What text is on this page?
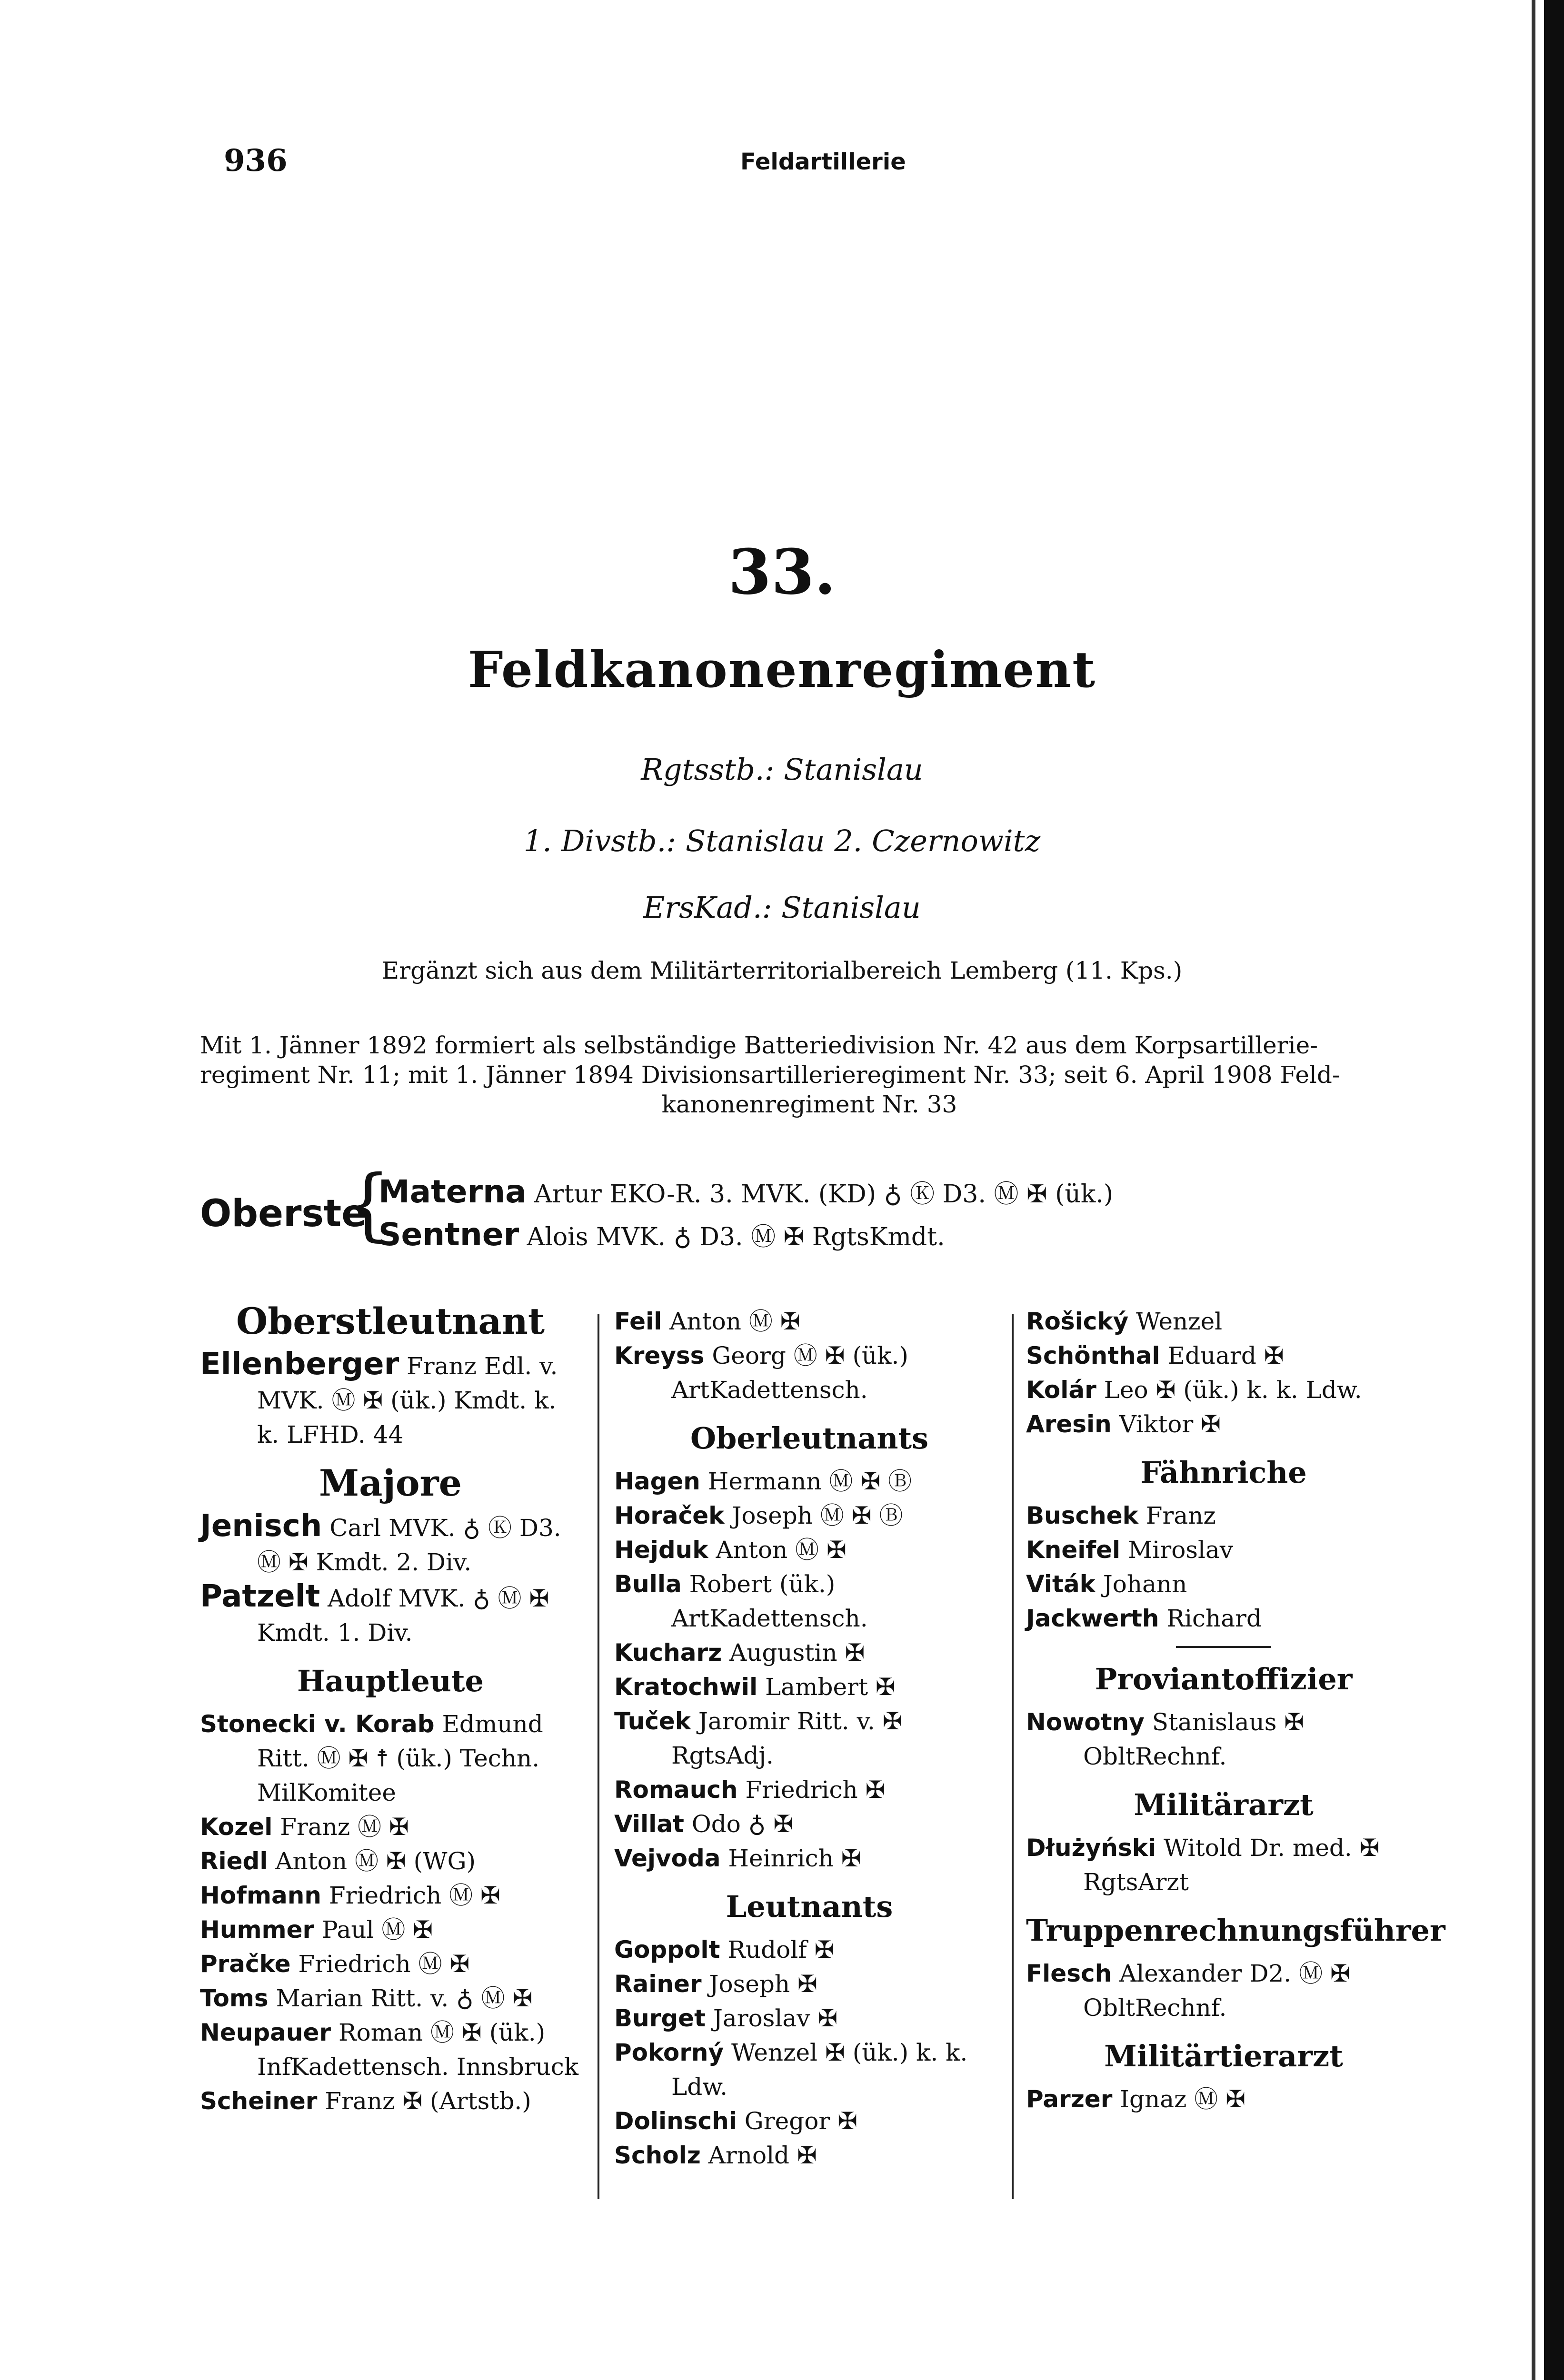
936	Feldartillerie
33.
Feldkanonenregiment
Rgtsstb.: Stanislau
1. Divstb.: Stanislau 2. Czernowitz
ErsKad.: Stanislau
Ergänzt sich aus dem Militärterritorialbereich Lemberg (11. Kps.)

Mit 1. Jänner 1892 formiert als selbständige Batteriedivision Nr. 42 aus dem Korpsartillerie-

regiment Nr. 11; mit 1. Jänner 1894 Divisionsartillerieregiment Nr. 33; seit 6. April 1908 Feld-

kanonenregiment Nr. 33

Oberste
{
Materna Artur EKO-R. 3. MVK. (KD) ♁ Ⓚ D3. Ⓜ ✠ (ük.)
Sentner Alois MVK. ♁ D3. Ⓜ ✠ RgtsKmdt.
Oberstleutnant
Ellenberger Franz Edl. v. MVK. Ⓜ ✠ (ük.) Kmdt. k. k. LFHD. 44
Majore
Jenisch Carl MVK. ♁ Ⓚ D3. Ⓜ ✠ Kmdt. 2. Div.
Patzelt Adolf MVK. ♁ Ⓜ ✠ Kmdt. 1. Div.
Hauptleute
Stonecki v. Korab Edmund Ritt. Ⓜ ✠ ☨ (ük.) Techn. MilKomitee
Kozel Franz Ⓜ ✠
Riedl Anton Ⓜ ✠ (WG)
Hofmann Friedrich Ⓜ ✠
Hummer Paul Ⓜ ✠
Pračke Friedrich Ⓜ ✠
Toms Marian Ritt. v. ♁ Ⓜ ✠
Neupauer Roman Ⓜ ✠ (ük.) InfKadettensch. Innsbruck
Scheiner Franz ✠ (Artstb.)
Feil Anton Ⓜ ✠
Kreyss Georg Ⓜ ✠ (ük.) ArtKadettensch.
Oberleutnants
Hagen Hermann Ⓜ ✠ Ⓑ
Horaček Joseph Ⓜ ✠ Ⓑ
Hejduk Anton Ⓜ ✠
Bulla Robert (ük.) ArtKadettensch.
Kucharz Augustin ✠
Kratochwil Lambert ✠
Tuček Jaromir Ritt. v. ✠ RgtsAdj.
Romauch Friedrich ✠
Villat Odo ♁ ✠
Vejvoda Heinrich ✠
Leutnants
Goppolt Rudolf ✠
Rainer Joseph ✠
Burget Jaroslav ✠
Pokorný Wenzel ✠ (ük.) k. k. Ldw.
Dolinschi Gregor ✠
Scholz Arnold ✠
Rošický Wenzel
Schönthal Eduard ✠
Kolár Leo ✠ (ük.) k. k. Ldw.
Aresin Viktor ✠
Fähnriche
Buschek Franz
Kneifel Miroslav
Viták Johann
Jackwerth Richard
Proviantoffizier
Nowotny Stanislaus ✠ ObltRechnf.
Militärarzt
Dłużyński Witold Dr. med. ✠ RgtsArzt
Truppenrechnungsführer
Flesch Alexander D2. Ⓜ ✠ ObltRechnf.
Militärtierarzt
Parzer Ignaz Ⓜ ✠
